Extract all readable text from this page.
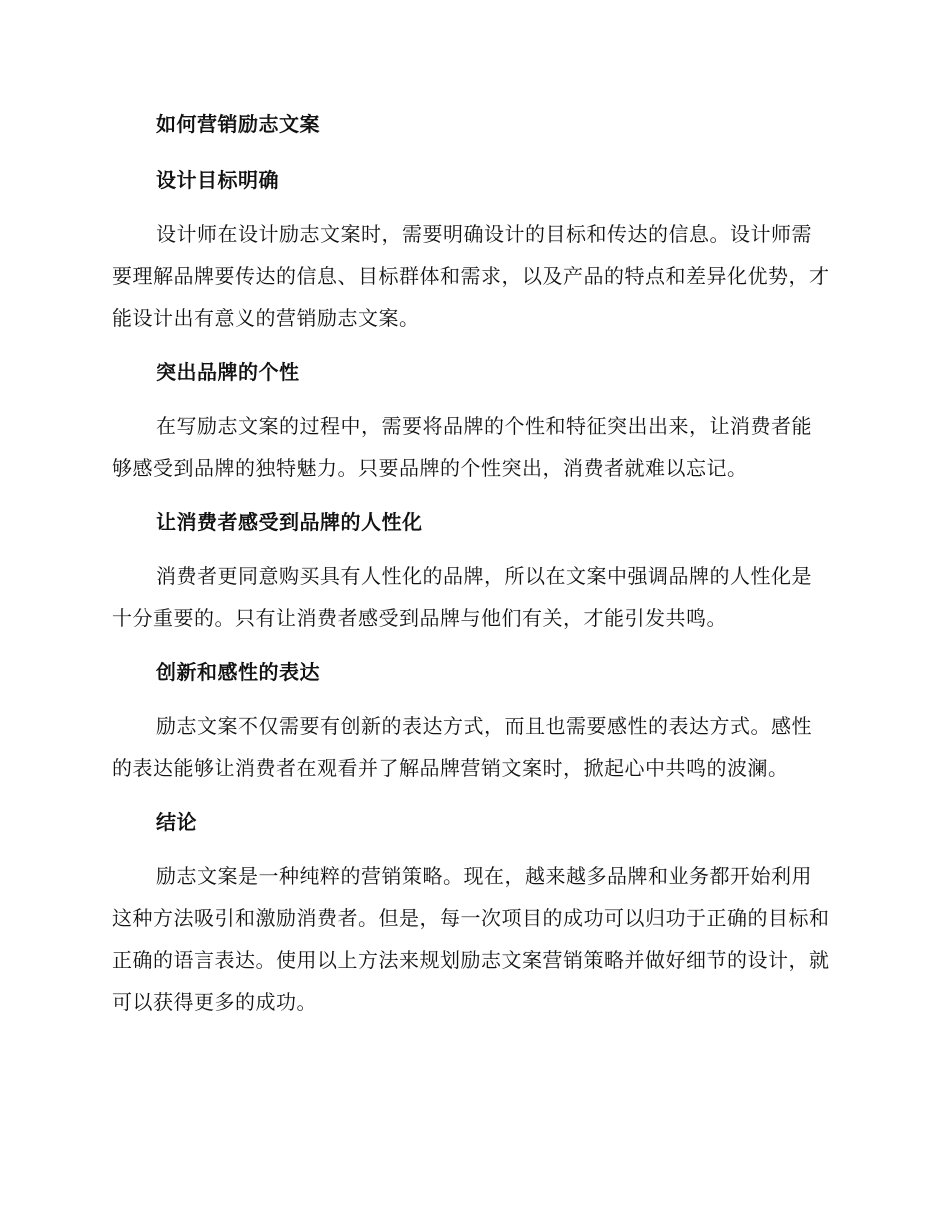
如何营销励志文案
设计目标明确
设计师在设计励志文案时，需要明确设计的目标和传达的信息。设计师需要理解品牌要传达的信息、目标群体和需求，以及产品的特点和差异化优势，才能设计出有意义的营销励志文案。
突出品牌的个性
在写励志文案的过程中，需要将品牌的个性和特征突出出来，让消费者能够感受到品牌的独特魅力。只要品牌的个性突出，消费者就难以忘记。
让消费者感受到品牌的人性化
消费者更同意购买具有人性化的品牌，所以在文案中强调品牌的人性化是十分重要的。只有让消费者感受到品牌与他们有关，才能引发共鸣。
创新和感性的表达
励志文案不仅需要有创新的表达方式，而且也需要感性的表达方式。感性的表达能够让消费者在观看并了解品牌营销文案时，掀起心中共鸣的波澜。
结论
励志文案是一种纯粹的营销策略。现在，越来越多品牌和业务都开始利用这种方法吸引和激励消费者。但是，每一次项目的成功可以归功于正确的目标和正确的语言表达。使用以上方法来规划励志文案营销策略并做好细节的设计，就可以获得更多的成功。
